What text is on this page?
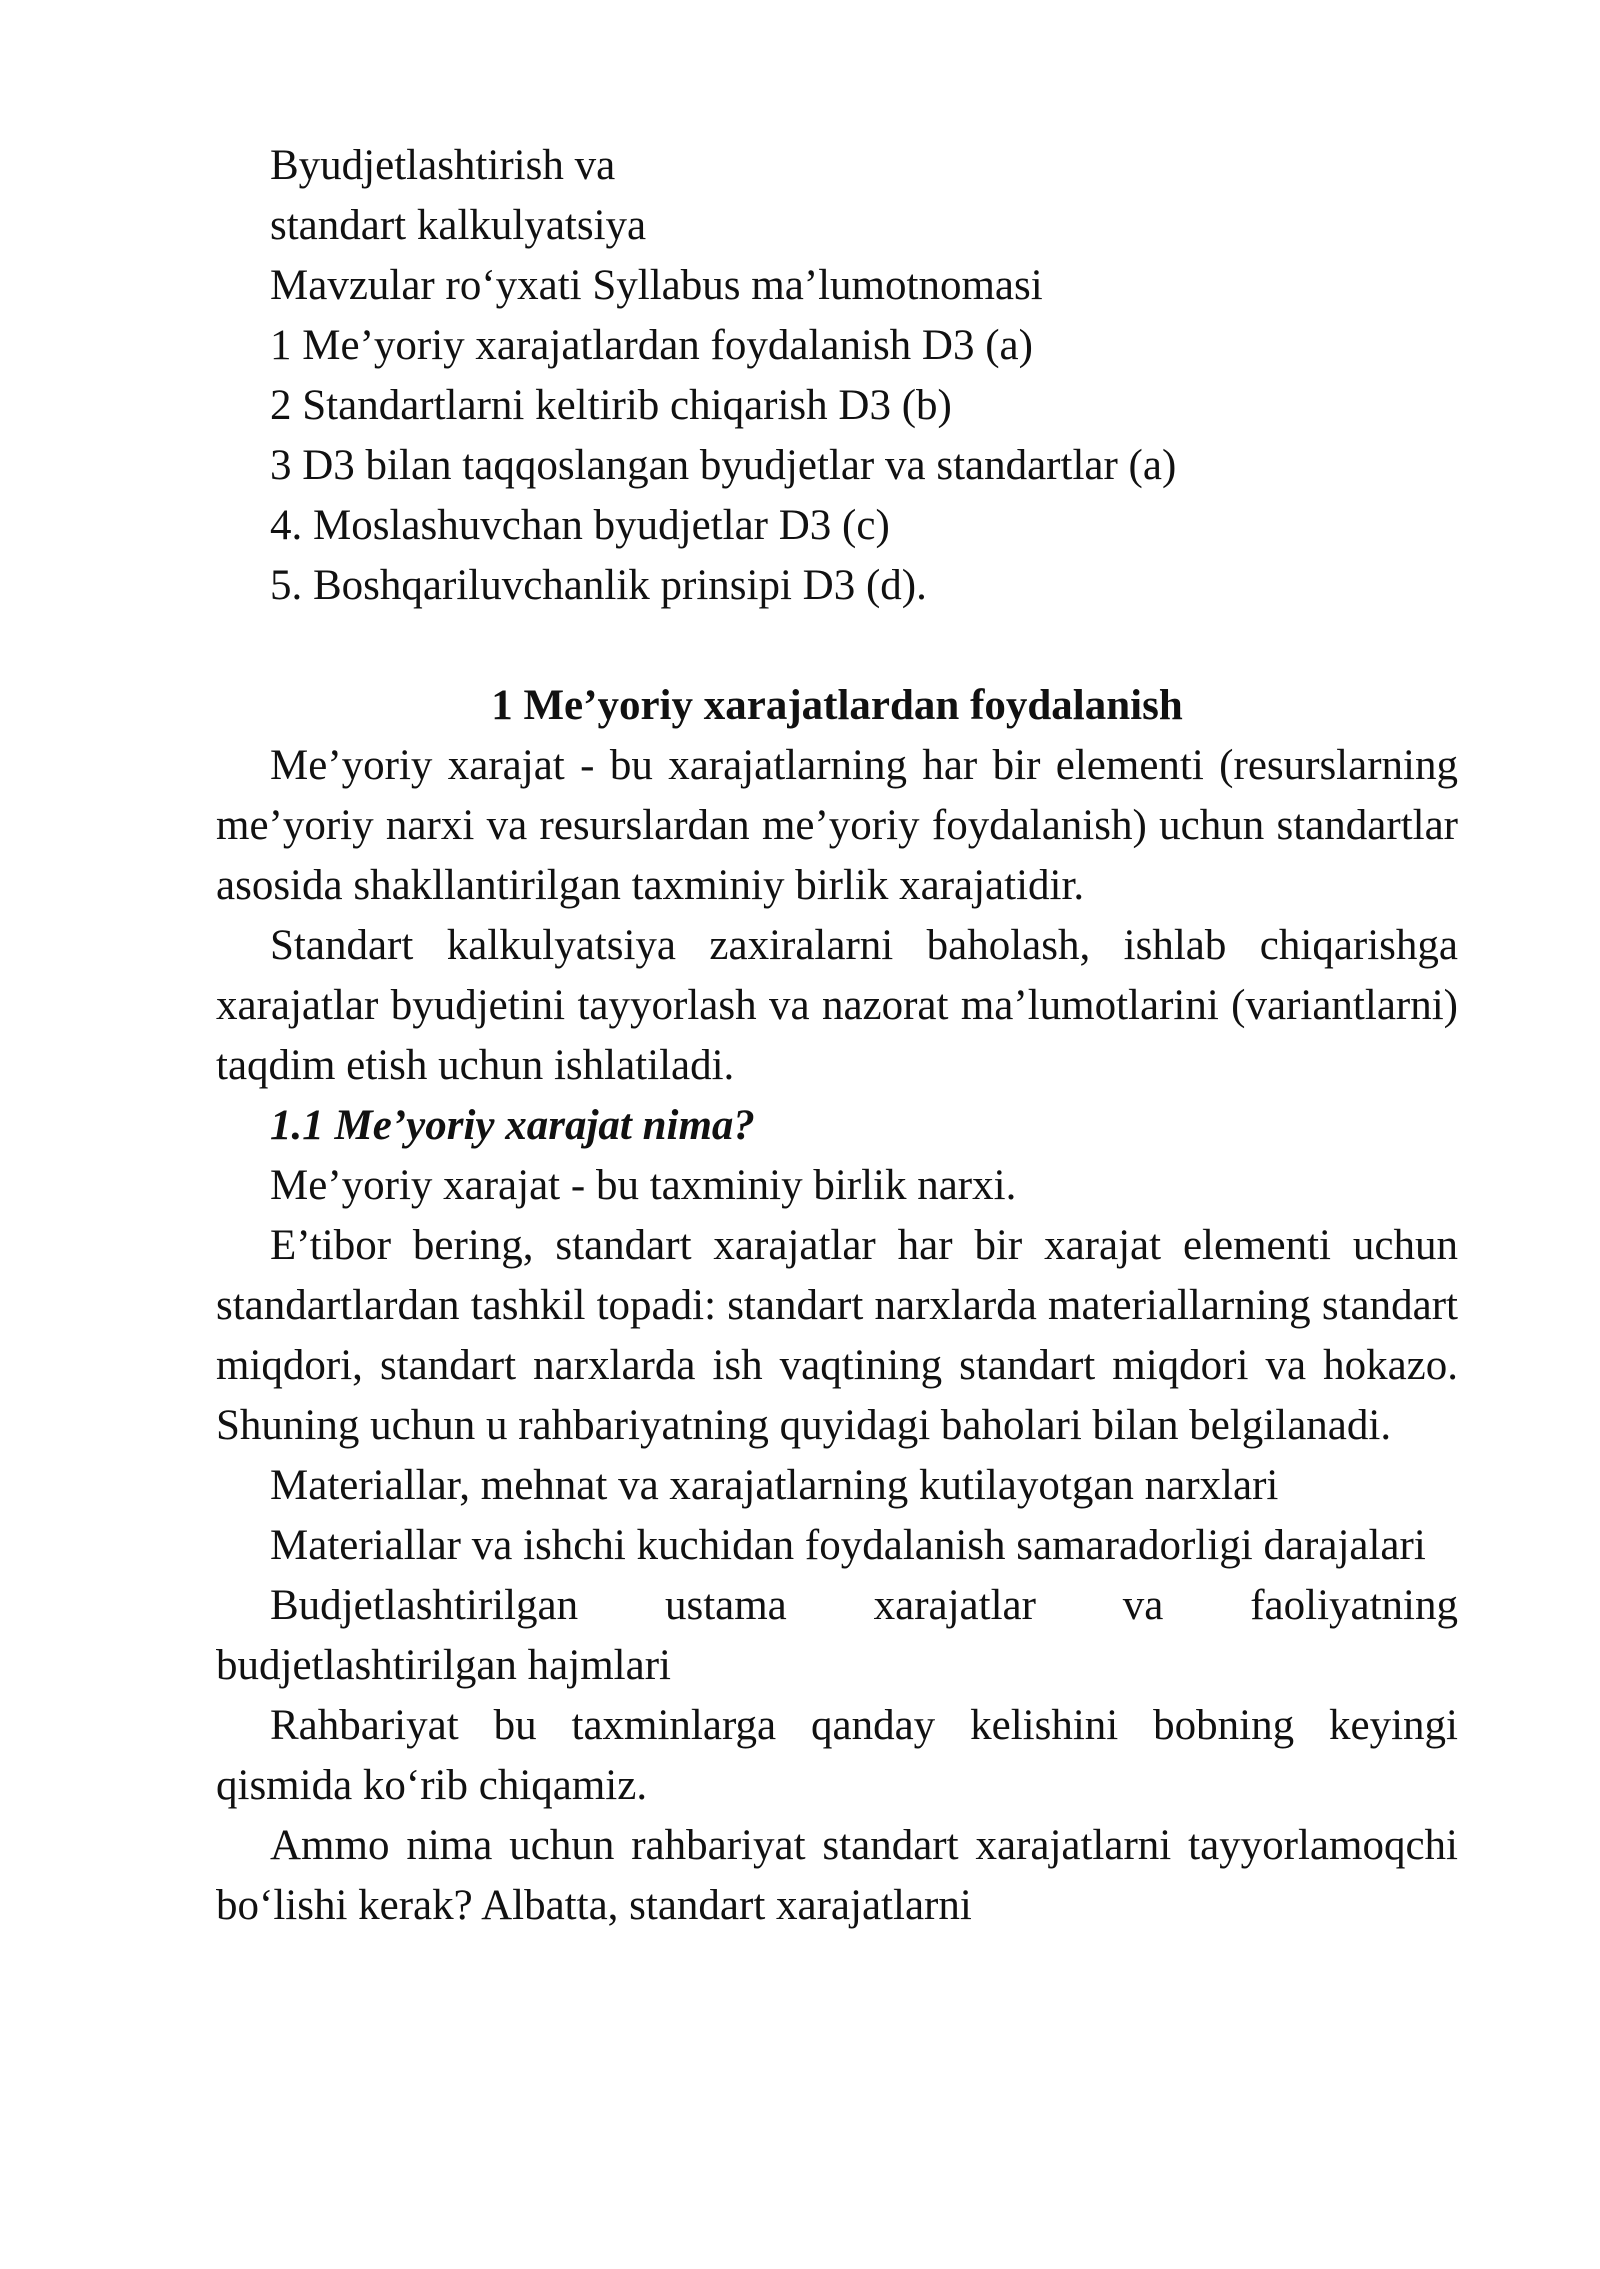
Byudjetlashtirish va
standart kalkulyatsiya
Mavzular ro‘yxati Syllabus ma’lumotnomasi
1 Me’yoriy xarajatlardan foydalanish D3 (a)
2 Standartlarni keltirib chiqarish D3 (b)
3 D3 bilan taqqoslangan byudjetlar va standartlar (a)
4. Moslashuvchan byudjetlar D3 (c)
5. Boshqariluvchanlik prinsipi D3 (d).
1 Me’yoriy xarajatlardan foydalanish

Me’yoriy xarajat - bu xarajatlarning har bir elementi (resurslarning me’yoriy narxi va resurslardan me’yoriy foydalanish) uchun standartlar asosida shakllantirilgan taxminiy birlik xarajatidir.

Standart kalkulyatsiya zaxiralarni baholash, ishlab chiqarishga xarajatlar byudjetini tayyorlash va nazorat ma’lumotlarini (variantlarni) taqdim etish uchun ishlatiladi.

1.1 Me’yoriy xarajat nima?

Me’yoriy xarajat - bu taxminiy birlik narxi.

E’tibor bering, standart xarajatlar har bir xarajat elementi uchun standartlardan tashkil topadi: standart narxlarda materiallarning standart miqdori, standart narxlarda ish vaqtining standart miqdori va hokazo. Shuning uchun u rahbariyatning quyidagi baholari bilan belgilanadi.

Materiallar, mehnat va xarajatlarning kutilayotgan narxlari

Materiallar va ishchi kuchidan foydalanish samaradorligi darajalari

Budjetlashtirilgan ustama xarajatlar va faoliyatning budjetlashtirilgan hajmlari

Rahbariyat bu taxminlarga qanday kelishini bobning keyingi qismida ko‘rib chiqamiz.

Ammo nima uchun rahbariyat standart xarajatlarni tayyorlamoqchi bo‘lishi kerak? Albatta, standart xarajatlarni
